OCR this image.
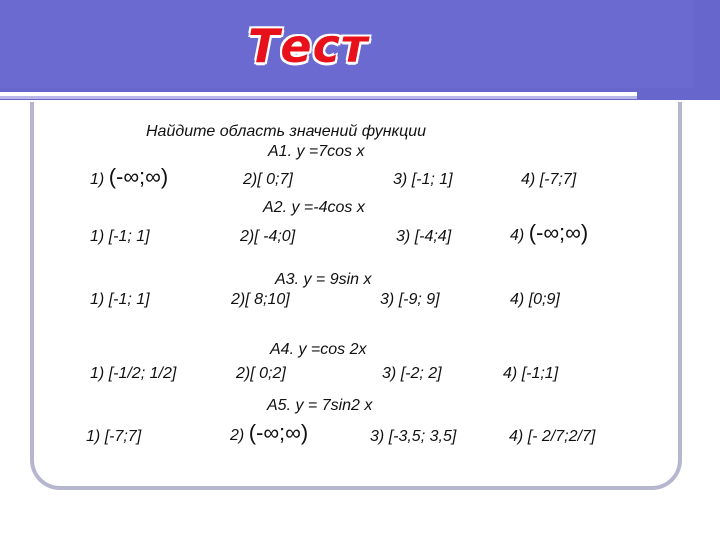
Тест
Найдите область значений функции
A1. у =7cos x
1) (-∞;∞)	2)[ 0;7]	3) [-1; 1]	4) [-7;7]
A2. у =-4cos x
1) [-1; 1]	2)[ -4;0]	3) [-4;4]	4) (-∞;∞)
A3. у = 9sin x
1) [-1; 1]	2)[ 8;10]	3) [-9; 9]	4) [0;9]
A4. у =cos 2x
1) [-1/2; 1/2]	2)[ 0;2]	3) [-2; 2]	4) [-1;1]
A5. у = 7sin2 x
1) [-7;7]	2) (-∞;∞)	3) [-3,5; 3,5]	4) [- 2/7;2/7]
